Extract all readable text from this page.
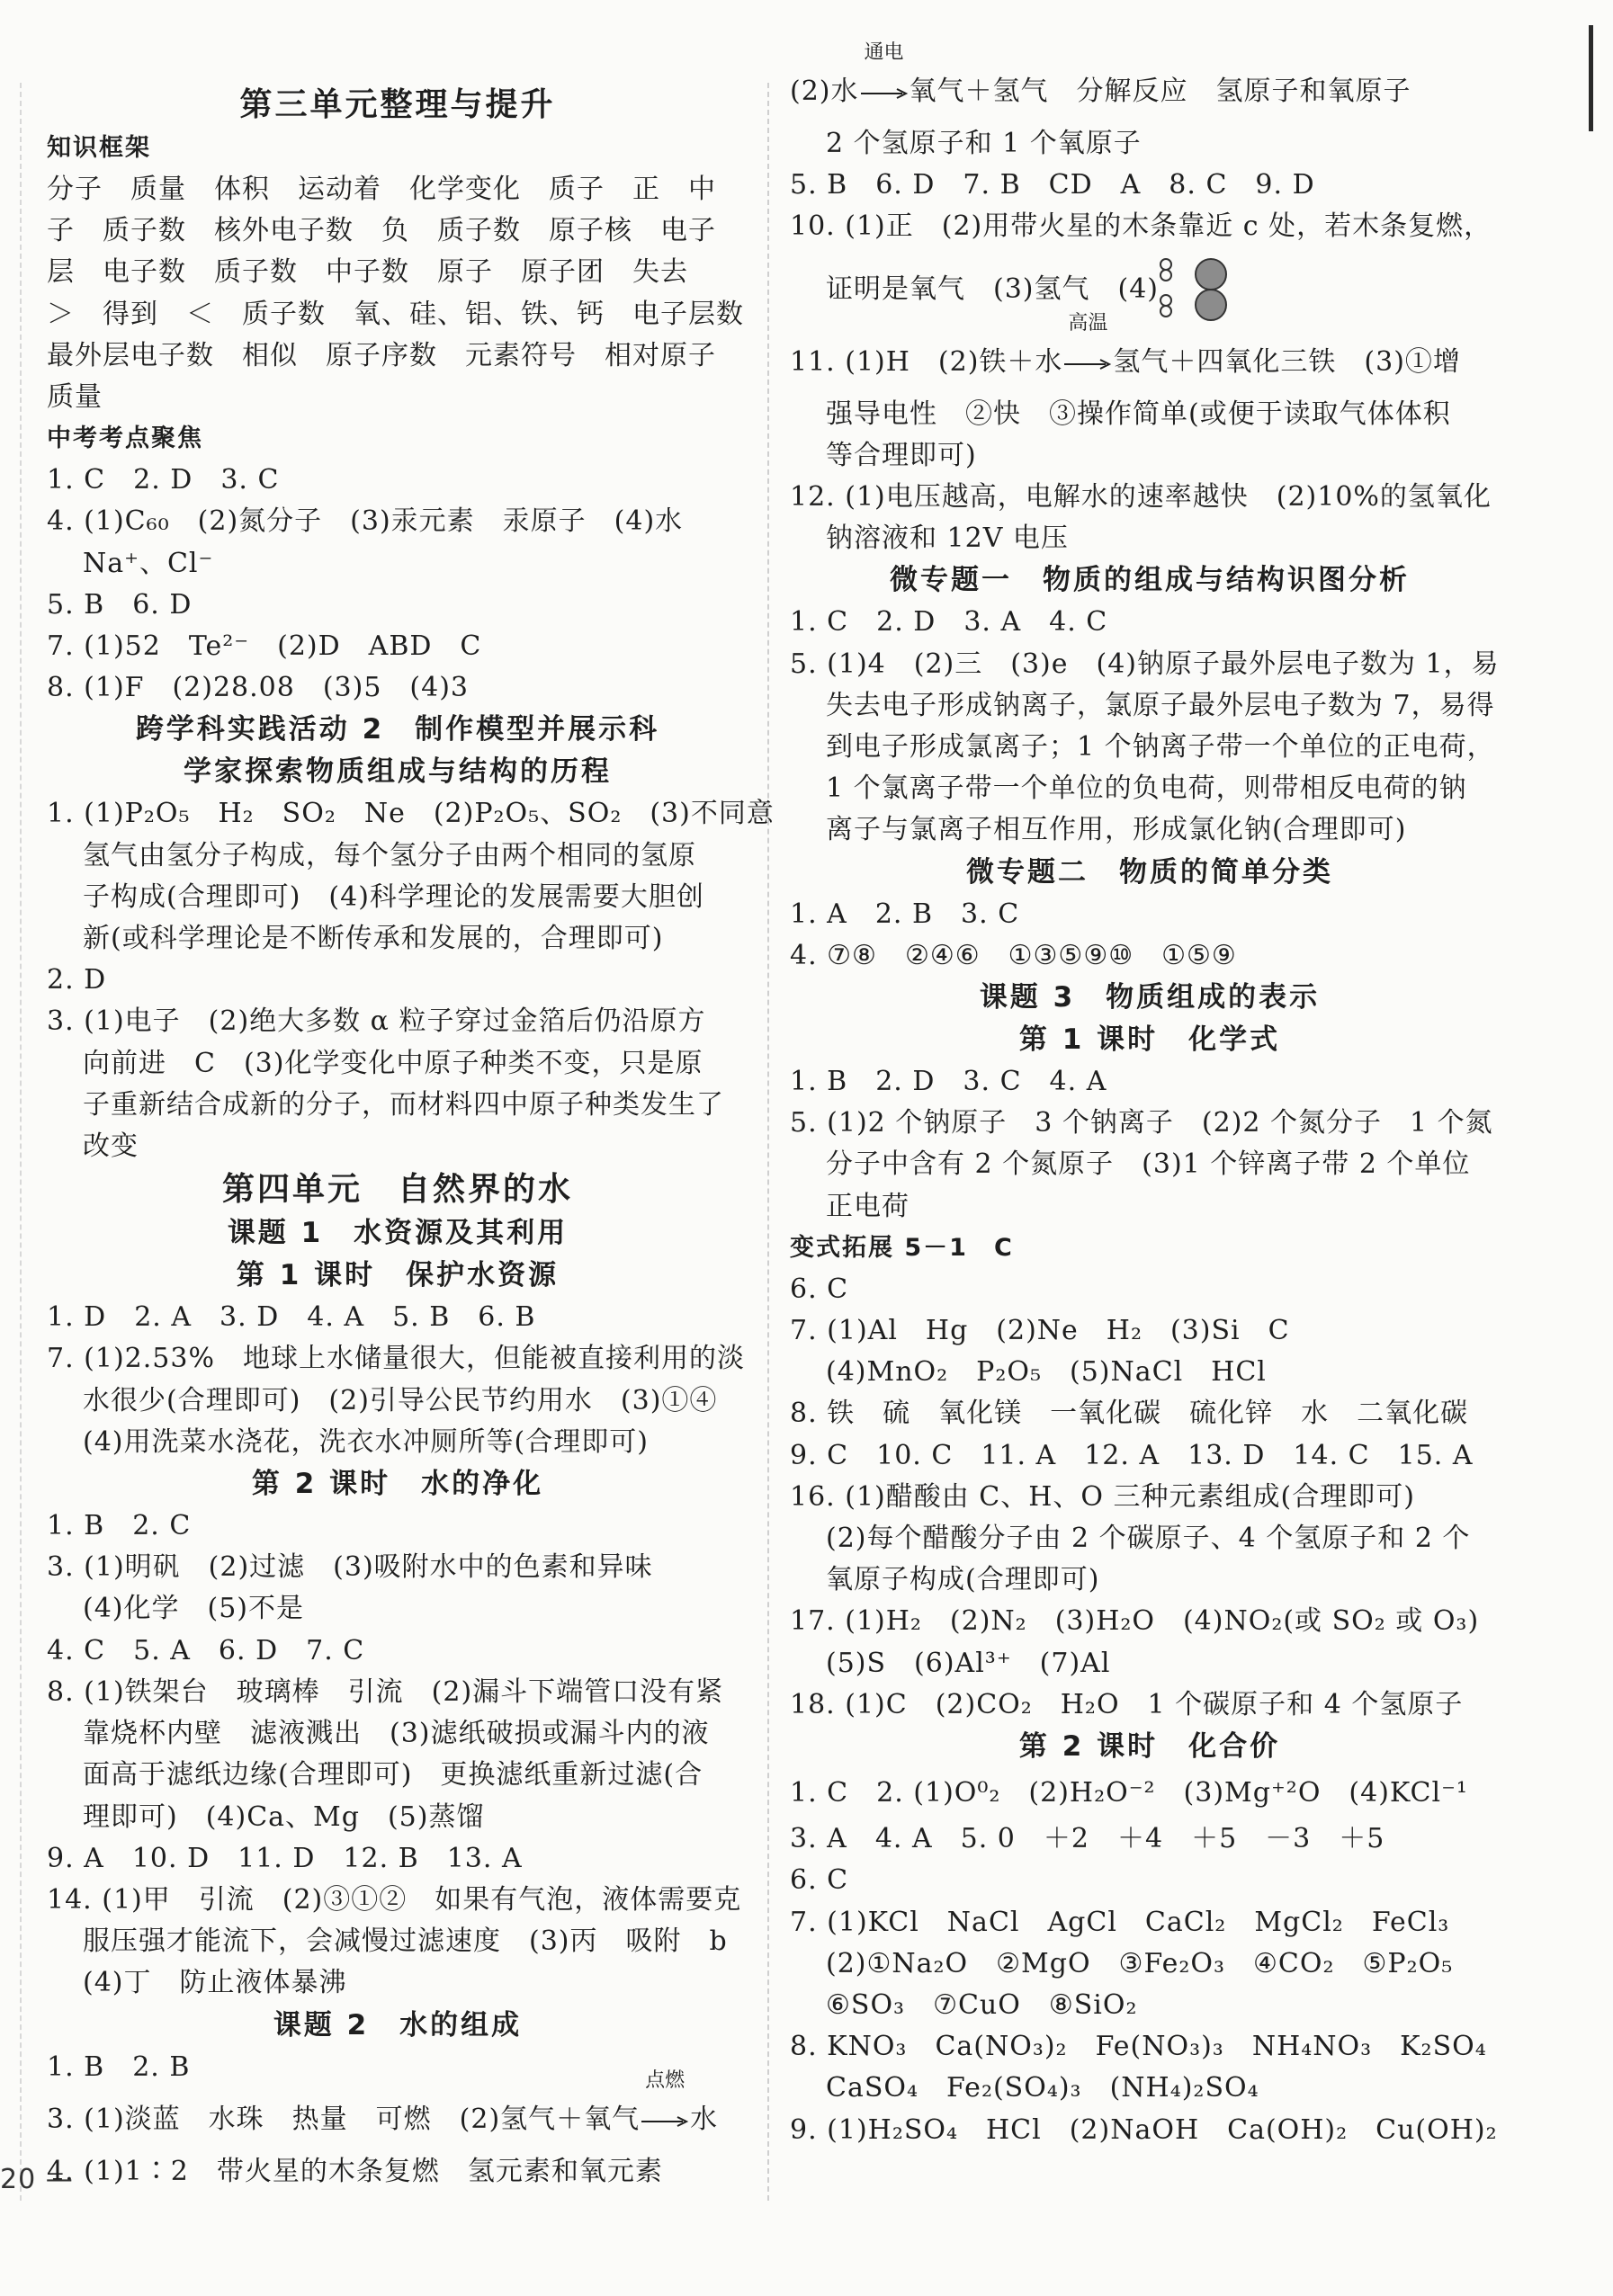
第三单元整理与提升
知识框架
分子　质量　体积　运动着　化学变化　质子　正　中
子　质子数　核外电子数　负　质子数　原子核　电子
层　电子数　质子数　中子数　原子　原子团　失去
＞　得到　＜　质子数　氧、硅、铝、铁、钙　电子层数
最外层电子数　相似　原子序数　元素符号　相对原子
质量
中考考点聚焦
1. C　2. D　3. C
4. (1)C₆₀　(2)氮分子　(3)汞元素　汞原子　(4)水
Na⁺、Cl⁻
5. B　6. D
7. (1)52　Te²⁻　(2)D　ABD　C
8. (1)F　(2)28.08　(3)5　(4)3
跨学科实践活动 2　制作模型并展示科
学家探索物质组成与结构的历程
1. (1)P₂O₅　H₂　SO₂　Ne　(2)P₂O₅、SO₂　(3)不同意
氢气由氢分子构成，每个氢分子由两个相同的氢原
子构成(合理即可)　(4)科学理论的发展需要大胆创
新(或科学理论是不断传承和发展的，合理即可)
2. D
3. (1)电子　(2)绝大多数 α 粒子穿过金箔后仍沿原方
向前进　C　(3)化学变化中原子种类不变，只是原
子重新结合成新的分子，而材料四中原子种类发生了
改变
第四单元　自然界的水
课题 1　水资源及其利用
第 1 课时　保护水资源
1. D　2. A　3. D　4. A　5. B　6. B
7. (1)2.53%　地球上水储量很大，但能被直接利用的淡
水很少(合理即可)　(2)引导公民节约用水　(3)①④
(4)用洗菜水浇花，洗衣水冲厕所等(合理即可)
第 2 课时　水的净化
1. B　2. C
3. (1)明矾　(2)过滤　(3)吸附水中的色素和异味
(4)化学　(5)不是
4. C　5. A　6. D　7. C
8. (1)铁架台　玻璃棒　引流　(2)漏斗下端管口没有紧
靠烧杯内壁　滤液溅出　(3)滤纸破损或漏斗内的液
面高于滤纸边缘(合理即可)　更换滤纸重新过滤(合
理即可)　(4)Ca、Mg　(5)蒸馏
9. A　10. D　11. D　12. B　13. A
14. (1)甲　引流　(2)③①②　如果有气泡，液体需要克
服压强才能流下，会减慢过滤速度　(3)丙　吸附　b
(4)丁　防止液体暴沸
课题 2　水的组成
1. B　2. B
3. (1)淡蓝　水珠　热量　可燃　(2)氢气＋氧气
点燃
水
4. (1)1∶2　带火星的木条复燃　氢元素和氧元素
(2)水
通电
氧气＋氢气　分解反应　氢原子和氧原子
2 个氢原子和 1 个氧原子
5. B　6. D　7. B　CD　A　8. C　9. D
10. (1)正　(2)用带火星的木条靠近 c 处，若木条复燃，
证明是氧气　(3)氢气　(4)
11. (1)H　(2)铁＋水
高温
氢气＋四氧化三铁　(3)①增
强导电性　②快　③操作简单(或便于读取气体体积
等合理即可)
12. (1)电压越高，电解水的速率越快　(2)10%的氢氧化
钠溶液和 12V 电压
微专题一　物质的组成与结构识图分析
1. C　2. D　3. A　4. C
5. (1)4　(2)三　(3)e　(4)钠原子最外层电子数为 1，易
失去电子形成钠离子，氯原子最外层电子数为 7，易得
到电子形成氯离子；1 个钠离子带一个单位的正电荷，
1 个氯离子带一个单位的负电荷，则带相反电荷的钠
离子与氯离子相互作用，形成氯化钠(合理即可)
微专题二　物质的简单分类
1. A　2. B　3. C
4. ⑦⑧　②④⑥　①③⑤⑨⑩　①⑤⑨
课题 3　物质组成的表示
第 1 课时　化学式
1. B　2. D　3. C　4. A
5. (1)2 个钠原子　3 个钠离子　(2)2 个氮分子　1 个氮
分子中含有 2 个氮原子　(3)1 个锌离子带 2 个单位
正电荷
变式拓展 5－1　C
6. C
7. (1)Al　Hg　(2)Ne　H₂　(3)Si　C
(4)MnO₂　P₂O₅　(5)NaCl　HCl
8. 铁　硫　氧化镁　一氧化碳　硫化锌　水　二氧化碳
9. C　10. C　11. A　12. A　13. D　14. C　15. A
16. (1)醋酸由 C、H、O 三种元素组成(合理即可)
(2)每个醋酸分子由 2 个碳原子、4 个氢原子和 2 个
氧原子构成(合理即可)
17. (1)H₂　(2)N₂　(3)H₂O　(4)NO₂(或 SO₂ 或 O₃)
(5)S　(6)Al³⁺　(7)Al
18. (1)C　(2)CO₂　H₂O　1 个碳原子和 4 个氢原子
第 2 课时　化合价
1. C　2. (1)O⁰₂　(2)H₂O⁻²　(3)Mg⁺²O　(4)KCl⁻¹
3. A　4. A　5. 0　＋2　＋4　＋5　－3　＋5
6. C
7. (1)KCl　NaCl　AgCl　CaCl₂　MgCl₂　FeCl₃
(2)①Na₂O　②MgO　③Fe₂O₃　④CO₂　⑤P₂O₅
⑥SO₃　⑦CuO　⑧SiO₂
8. KNO₃　Ca(NO₃)₂　Fe(NO₃)₃　NH₄NO₃　K₂SO₄
CaSO₄　Fe₂(SO₄)₃　(NH₄)₂SO₄
9. (1)H₂SO₄　HCl　(2)NaOH　Ca(OH)₂　Cu(OH)₂
20 —
